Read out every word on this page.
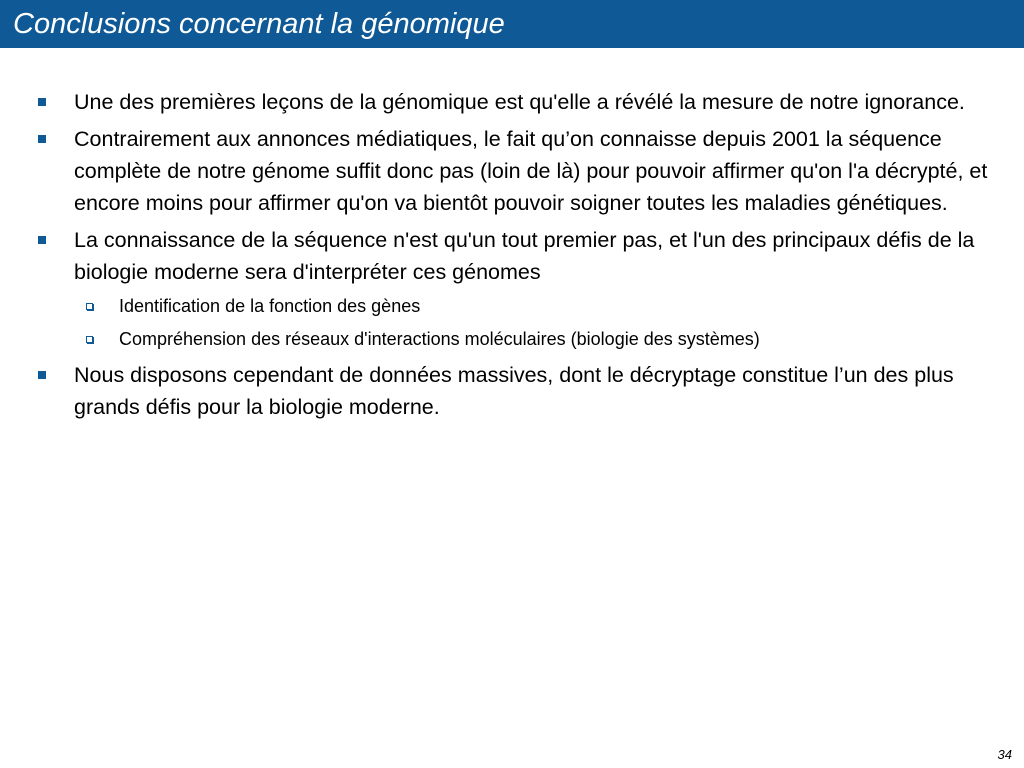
Conclusions concernant la génomique
Une des premières leçons de la génomique est qu'elle a révélé la mesure de notre ignorance.
Contrairement aux annonces médiatiques, le fait qu’on connaisse depuis 2001 la séquence complète de notre génome suffit donc pas (loin de là) pour pouvoir affirmer qu'on l'a décrypté, et encore moins pour affirmer qu'on va bientôt pouvoir soigner toutes les maladies génétiques.
La connaissance de la séquence n'est qu'un tout premier pas, et l'un des principaux défis de la biologie moderne sera d'interpréter ces génomes
Identification de la fonction des gènes
Compréhension des réseaux d'interactions moléculaires (biologie des systèmes)
Nous disposons cependant de données massives, dont le décryptage constitue l’un des plus grands défis pour la biologie moderne.
34
